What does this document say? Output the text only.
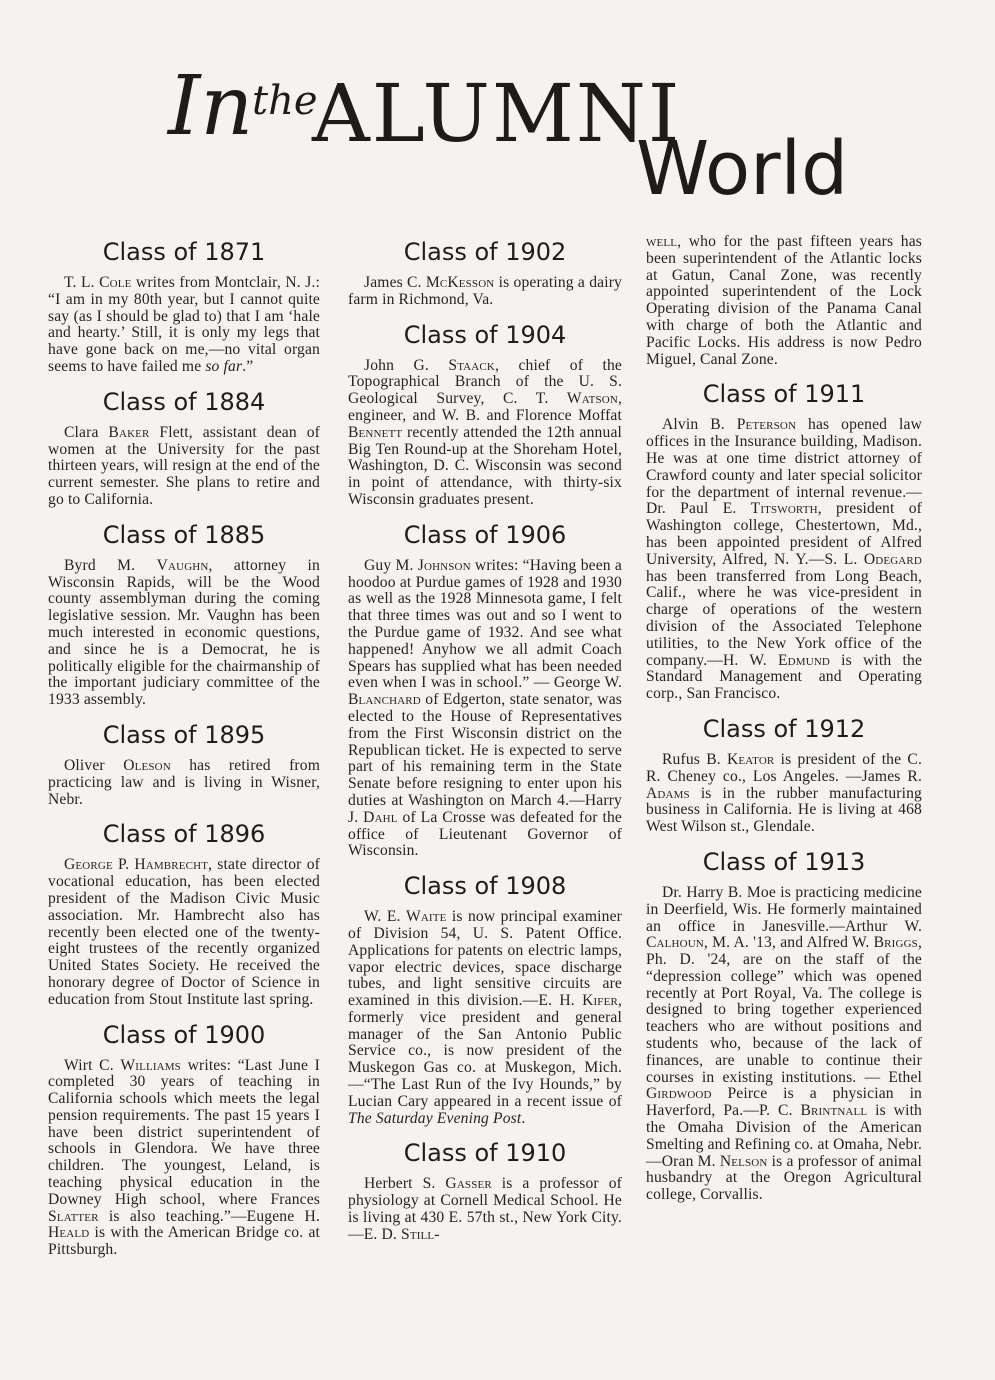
In
the
ALUMNI
World
Class of 1871

T. L. Cole writes from Montclair, N. J.: “I am in my 80th year, but I cannot quite say (as I should be glad to) that I am ‘hale and hearty.’ Still, it is only my legs that have gone back on me,—no vital organ seems to have failed me so far.”

Class of 1884

Clara Baker Flett, assistant dean of women at the University for the past thirteen years, will resign at the end of the current semester. She plans to retire and go to California.

Class of 1885

Byrd M. Vaughn, attorney in Wisconsin Rapids, will be the Wood county assemblyman during the coming legislative session. Mr. Vaughn has been much interested in economic questions, and since he is a Democrat, he is politically eligible for the chairmanship of the important judiciary committee of the 1933 assembly.

Class of 1895

Oliver Oleson has retired from practicing law and is living in Wisner, Nebr.

Class of 1896

George P. Hambrecht, state director of vocational education, has been elected president of the Madison Civic Music association. Mr. Hambrecht also has recently been elected one of the twenty-eight trustees of the recently organized United States Society. He received the honorary degree of Doctor of Science in education from Stout Institute last spring.

Class of 1900

Wirt C. Williams writes: “Last June I completed 30 years of teaching in California schools which meets the legal pension requirements. The past 15 years I have been district superintendent of schools in Glendora. We have three children. The youngest, Leland, is teaching physical education in the Downey High school, where Frances Slatter is also teaching.”—Eugene H. Heald is with the American Bridge co. at Pittsburgh.

Class of 1902

James C. McKesson is operating a dairy farm in Richmond, Va.

Class of 1904

John G. Staack, chief of the Topographical Branch of the U. S. Geological Survey, C. T. Watson, engineer, and W. B. and Florence Moffat Bennett recently attended the 12th annual Big Ten Round-up at the Shoreham Hotel, Washington, D. C. Wisconsin was second in point of attendance, with thirty-six Wisconsin graduates present.

Class of 1906

Guy M. Johnson writes: “Having been a hoodoo at Purdue games of 1928 and 1930 as well as the 1928 Minnesota game, I felt that three times was out and so I went to the Purdue game of 1932. And see what happened! Anyhow we all admit Coach Spears has supplied what has been needed even when I was in school.” — George W. Blanchard of Edgerton, state senator, was elected to the House of Representatives from the First Wisconsin district on the Republican ticket. He is expected to serve part of his remaining term in the State Senate before resigning to enter upon his duties at Washington on March 4.—Harry J. Dahl of La Crosse was defeated for the office of Lieutenant Governor of Wisconsin.

Class of 1908

W. E. Waite is now principal examiner of Division 54, U. S. Patent Office. Applications for patents on electric lamps, vapor electric devices, space discharge tubes, and light sensitive circuits are examined in this division.—E. H. Kifer, formerly vice president and general manager of the San Antonio Public Service co., is now president of the Muskegon Gas co. at Muskegon, Mich.—“The Last Run of the Ivy Hounds,” by Lucian Cary appeared in a recent issue of The Saturday Evening Post.

Class of 1910

Herbert S. Gasser is a professor of physiology at Cornell Medical School. He is living at 430 E. 57th st., New York City.—E. D. Still-

well, who for the past fifteen years has been superintendent of the Atlantic locks at Gatun, Canal Zone, was recently appointed superintendent of the Lock Operating division of the Panama Canal with charge of both the Atlantic and Pacific Locks. His address is now Pedro Miguel, Canal Zone.

Class of 1911

Alvin B. Peterson has opened law offices in the Insurance building, Madison. He was at one time district attorney of Crawford county and later special solicitor for the department of internal revenue.—Dr. Paul E. Titsworth, president of Washington college, Chestertown, Md., has been appointed president of Alfred University, Alfred, N. Y.—S. L. Odegard has been transferred from Long Beach, Calif., where he was vice-president in charge of operations of the western division of the Associated Telephone utilities, to the New York office of the company.—H. W. Edmund is with the Standard Management and Operating corp., San Francisco.

Class of 1912

Rufus B. Keator is president of the C. R. Cheney co., Los Angeles. —James R. Adams is in the rubber manufacturing business in California. He is living at 468 West Wilson st., Glendale.

Class of 1913

Dr. Harry B. Moe is practicing medicine in Deerfield, Wis. He formerly maintained an office in Janesville.—Arthur W. Calhoun, M. A. '13, and Alfred W. Briggs, Ph. D. '24, are on the staff of the “depression college” which was opened recently at Port Royal, Va. The college is designed to bring together experienced teachers who are without positions and students who, because of the lack of finances, are unable to continue their courses in existing institutions. — Ethel Girdwood Peirce is a physician in Haverford, Pa.—P. C. Brintnall is with the Omaha Division of the American Smelting and Refining co. at Omaha, Nebr.—Oran M. Nelson is a professor of animal husbandry at the Oregon Agricultural college, Corvallis.
